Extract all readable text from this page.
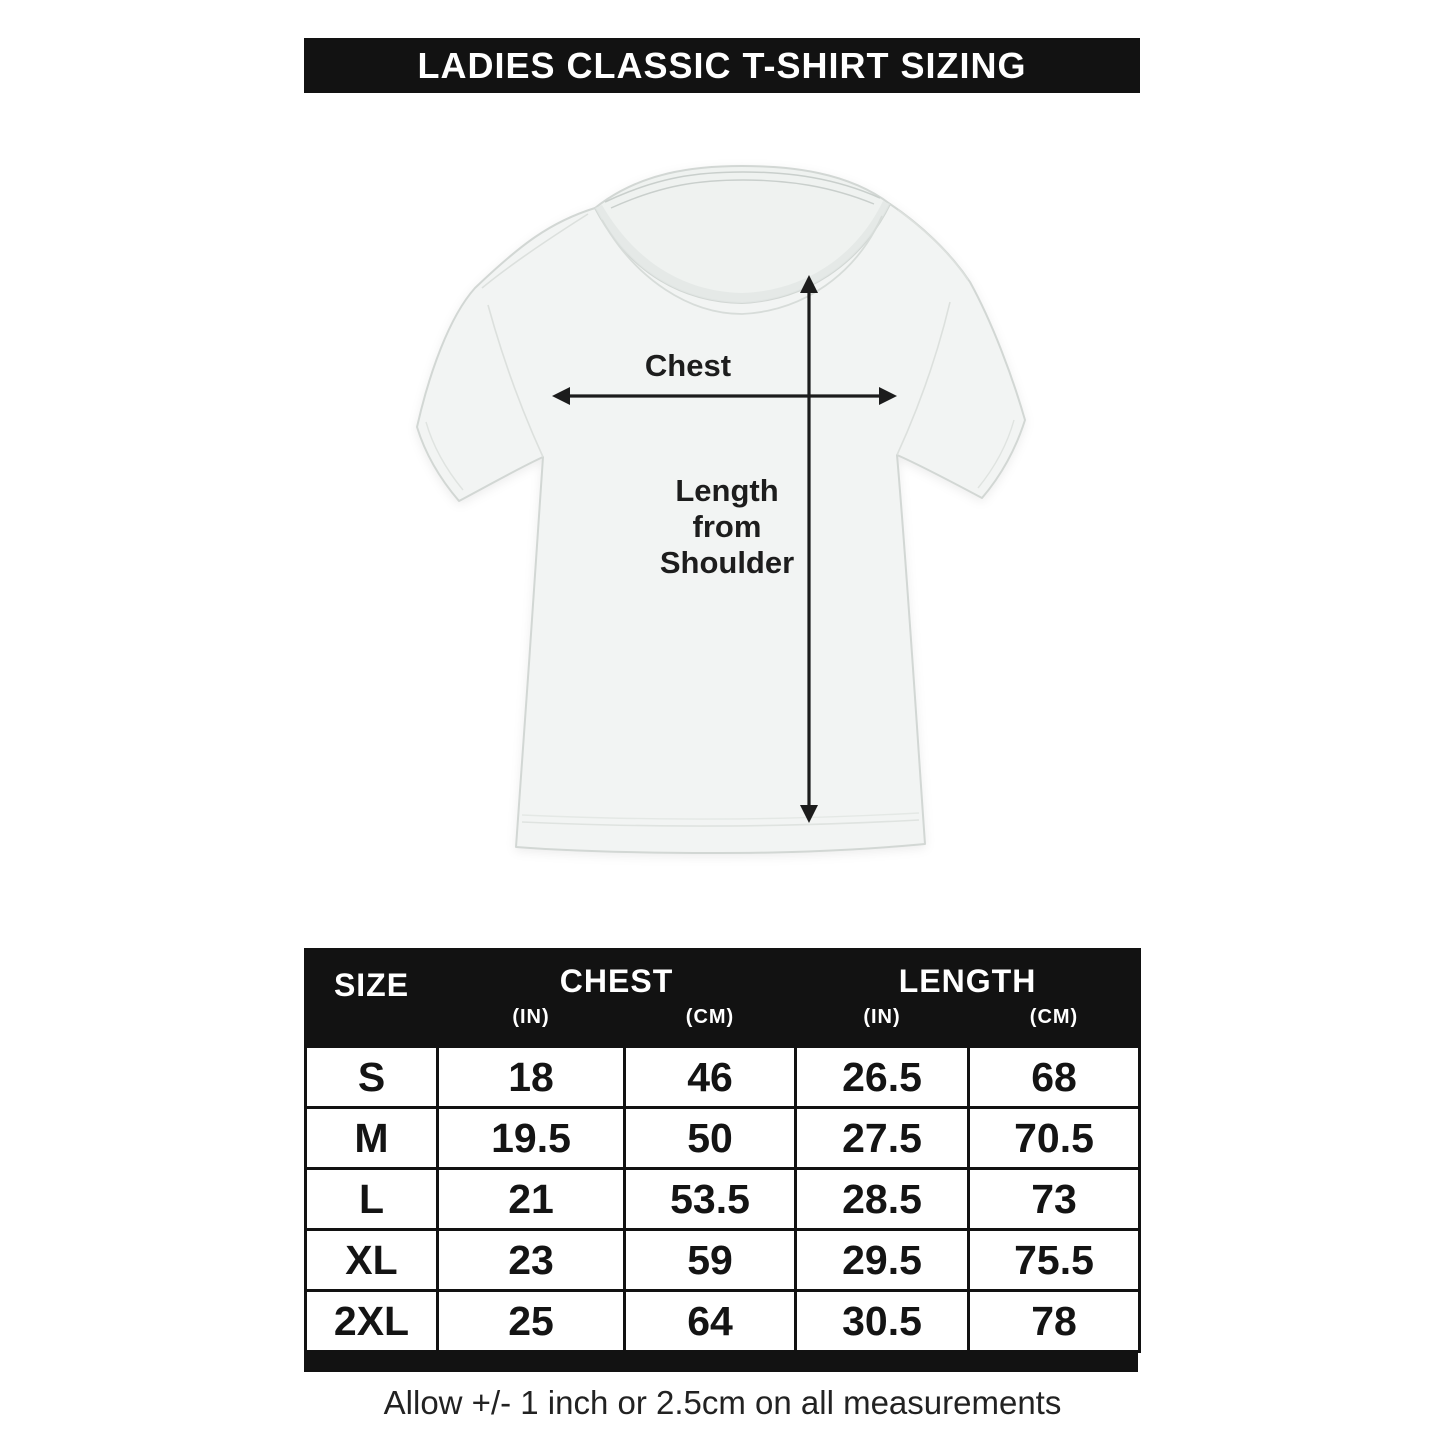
LADIES CLASSIC T-SHIRT SIZING
Chest
Length
from
Shoulder
SIZE	CHEST		LENGTH	
	(IN)	(CM)	(IN)	(CM)
S	18	46	26.5	68
M	19.5	50	27.5	70.5
L	21	53.5	28.5	73
XL	23	59	29.5	75.5
2XL	25	64	30.5	78
Allow +/- 1 inch or 2.5cm on all measurements
